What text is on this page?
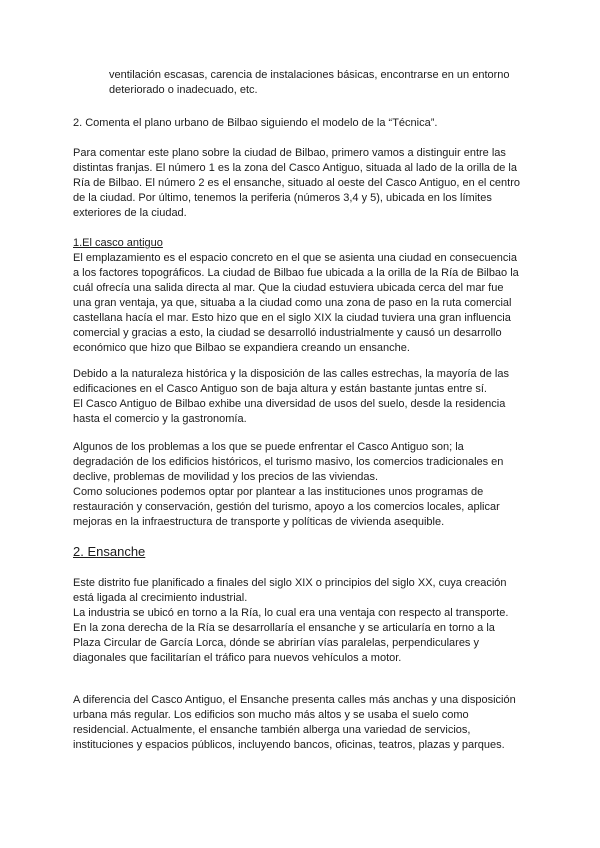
ventilación escasas, carencia de instalaciones básicas, encontrarse en un entorno

deteriorado o inadecuado, etc.

2. Comenta el plano urbano de Bilbao siguiendo el modelo de la “Técnica”.

Para comentar este plano sobre la ciudad de Bilbao, primero vamos a distinguir entre las distintas franjas. El número 1 es la zona del Casco Antiguo, situada al lado de la orilla de la Ría de Bilbao. El número 2 es el ensanche, situado al oeste del Casco Antiguo, en el centro de la ciudad. Por último, tenemos la periferia (números 3,4 y 5), ubicada en los límites exteriores de la ciudad.

1.El casco antiguo

El emplazamiento es el espacio concreto en el que se asienta una ciudad en consecuencia a los factores topográficos. La ciudad de Bilbao fue ubicada a la orilla de la Ría de Bilbao la cuál ofrecía una salida directa al mar. Que la ciudad estuviera ubicada cerca del mar fue una gran ventaja, ya que, situaba a la ciudad como una zona de paso en la ruta comercial castellana hacía el mar. Esto hizo que en el siglo XIX la ciudad tuviera una gran influencia comercial y gracias a esto, la ciudad se desarrolló industrialmente y causó un desarrollo económico que hizo que Bilbao se expandiera creando un ensanche.

Debido a la naturaleza histórica y la disposición de las calles estrechas, la mayoría de las edificaciones en el Casco Antiguo son de baja altura y están bastante juntas entre sí.

El Casco Antiguo de Bilbao exhibe una diversidad de usos del suelo, desde la residencia hasta el comercio y la gastronomía.

Algunos de los problemas a los que se puede enfrentar el Casco Antiguo son; la degradación de los edificios históricos, el turismo masivo, los comercios tradicionales en declive, problemas de movilidad y los precios de las viviendas.

Como soluciones podemos optar por plantear a las instituciones unos programas de restauración y conservación, gestión del turismo, apoyo a los comercios locales, aplicar mejoras en la infraestructura de transporte y políticas de vivienda asequible.

2. Ensanche

Este distrito fue planificado a finales del siglo XIX o principios del siglo XX, cuya creación está ligada al crecimiento industrial.

La industria se ubicó en torno a la Ría, lo cual era una ventaja con respecto al transporte.

En la zona derecha de la Ría se desarrollaría el ensanche y se articularía en torno a la Plaza Circular de García Lorca, dónde se abrirían vías paralelas, perpendiculares y diagonales que facilitarían el tráfico para nuevos vehículos a motor.

A diferencia del Casco Antiguo, el Ensanche presenta calles más anchas y una disposición urbana más regular. Los edificios son mucho más altos y se usaba el suelo como residencial. Actualmente, el ensanche también alberga una variedad de servicios, instituciones y espacios públicos, incluyendo bancos, oficinas, teatros, plazas y parques.
